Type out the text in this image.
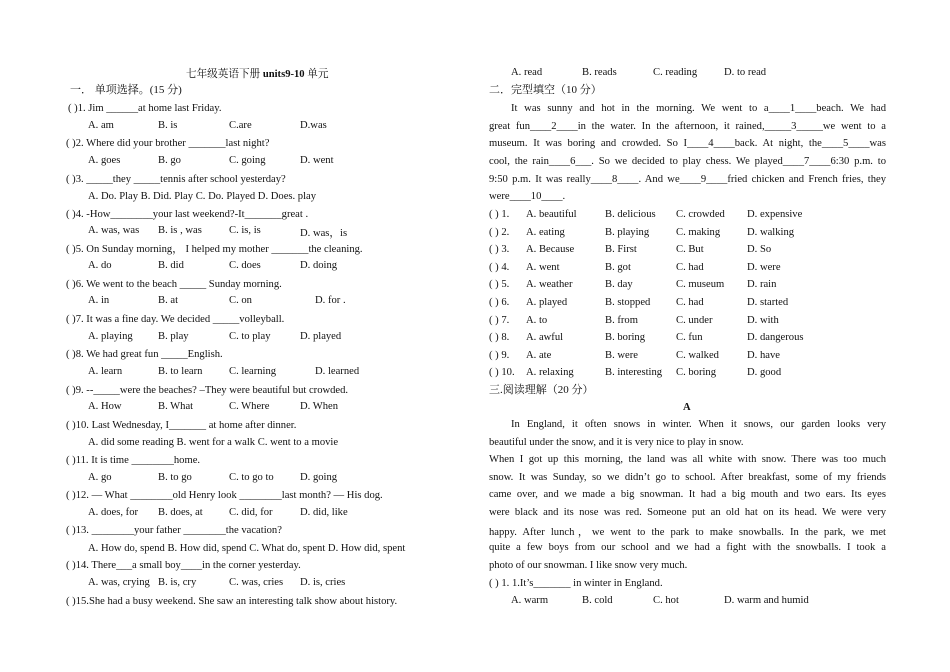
七年级英语下册 units9-10 单元
一． 单项选择。(15 分)
( )1. Jim ______at home last Friday.
A. am	B. is	C.are	D.was
( )2. Where did your brother _______last night?
A. goes	B. go	C. going	D. went
( )3. _____they _____tennis after school yesterday?
A. Do. Play B. Did. Play C. Do. Played D. Does. play
( )4. -How________your last weekend?-It_______great .
A. was, was B. is , was	C. is, is	D. was，is
( )5. On Sunday morning， I helped my mother _______the cleaning.
A. do	B. did	C. does	D. doing
( )6. We went to the beach _____ Sunday morning.
A. in	B. at	C. on	D. for .
( )7. It was a fine day. We decided _____volleyball.
A. playing B. play	C. to play	D. played
( )8. We had great fun _____English.
A. learn	B. to learn	C. learning	D. learned
( )9. --_____were the beaches? –They were beautiful but crowded.
A. How	B. What	C. Where	D. When
( )10. Last Wednesday, I_______ at home after dinner.
A. did some reading B. went for a walk C. went to a movie
( )11. It is time ________home.
A. go	B. to go	C. to go to D. going
( )12. — What ________old Henry look ________last month? — His dog.
A. does, for B. does, at C. did, for	D. did, like
( )13. ________your father ________the vacation?
A. How do, spend B. How did, spend C. What do, spent D. How did, spent
( )14. There___a small boy____in the corner yesterday.
A. was, crying B. is, cry	C. was, cries D. is, cries
( )15.She had a busy weekend. She saw an interesting talk show about history.
A. read	B. reads	C. reading	D. to read
二．完型填空（10 分）
It was sunny and hot in the morning. We went to a____1____beach. We had
great fun____2____in the water. In the afternoon, it rained,_____3_____we went to a
museum. It was boring and crowded. So I____4____back. At night, the____5____was
cool, the rain____6___. So we decided to play chess. We played____7____6:30 p.m. to
9:50 p.m. It was really____8____. And we____9____fried chicken and French fries, they
were____10____.
( ) 1. A. beautiful	B. delicious C. crowded D. expensive
( ) 2. A. eating	B. playing	C. making	D. walking
( ) 3. A. Because	B. First	C. But	D. So
( ) 4. A. went	B. got	C. had	D. were
( ) 5. A. weather	B. day	C. museum D. rain
( ) 6. A. played	B. stopped C. had	D. started
( ) 7. A. to	B. from	C. under	D. with
( ) 8. A. awful	B. boring	C. fun	D. dangerous
( ) 9. A. ate	B. were	C. walked	D. have
( ) 10. A. relaxing	B. interesting C. boring	D. good
三.阅读理解（20 分）
A
In England, it often snows in winter. When it snows, our garden looks very
beautiful under the snow, and it is very nice to play in snow.
When I got up this morning, the land was all white with snow. There was too much
snow. It was Sunday, so we didn’t go to school. After breakfast, some of my friends
came over, and we made a big snowman. It had a big mouth and two ears. Its eyes
were black and its nose was red. Someone put an old hat on its head. We were very
happy. After lunch，we went to the park to make snowballs. In the park, we met
quite a few boys from our school and we had a fight with the snowballs. I took a
photo of our snowman. I like snow very much.
( ) 1. 1.It’s_______ in winter in England.
A. warm	B. cold	C. hot	D. warm and humid
